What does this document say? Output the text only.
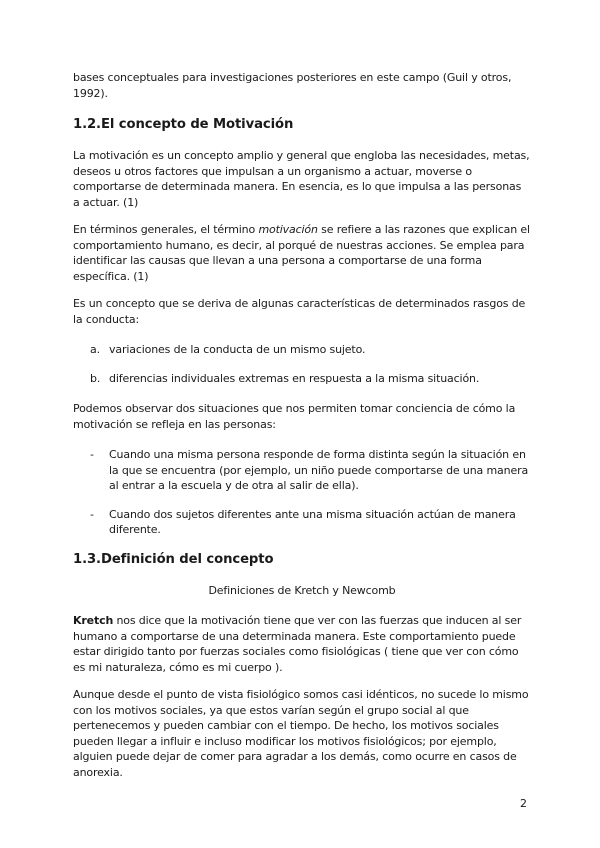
bases conceptuales para investigaciones posteriores en este campo (Guil y otros, 1992).

1.2.El concepto de Motivación

La motivación es un concepto amplio y general que engloba las necesidades, metas, deseos u otros factores que impulsan a un organismo a actuar, moverse o comportarse de determinada manera. En esencia, es lo que impulsa a las personas a actuar. (1)

En términos generales, el término motivación se refiere a las razones que explican el comportamiento humano, es decir, al porqué de nuestras acciones. Se emplea para identificar las causas que llevan a una persona a comportarse de una forma específica. (1)

Es un concepto que se deriva de algunas características de determinados rasgos de la conducta:

a. variaciones de la conducta de un mismo sujeto.
b. diferencias individuales extremas en respuesta a la misma situación.

Podemos observar dos situaciones que nos permiten tomar conciencia de cómo la motivación se refleja en las personas:

-	Cuando una misma persona responde de forma distinta según la situación en la que se encuentra (por ejemplo, un niño puede comportarse de una manera al entrar a la escuela y de otra al salir de ella).
-	Cuando dos sujetos diferentes ante una misma situación actúan de manera diferente.
1.3.Definición del concepto

Definiciones de Kretch y Newcomb

Kretch nos dice que la motivación tiene que ver con las fuerzas que inducen al ser humano a comportarse de una determinada manera. Este comportamiento puede estar dirigido tanto por fuerzas sociales como fisiológicas ( tiene que ver con cómo es mi naturaleza, cómo es mi cuerpo ).

Aunque desde el punto de vista fisiológico somos casi idénticos, no sucede lo mismo con los motivos sociales, ya que estos varían según el grupo social al que pertenecemos y pueden cambiar con el tiempo. De hecho, los motivos sociales pueden llegar a influir e incluso modificar los motivos fisiológicos; por ejemplo, alguien puede dejar de comer para agradar a los demás, como ocurre en casos de anorexia.

2
